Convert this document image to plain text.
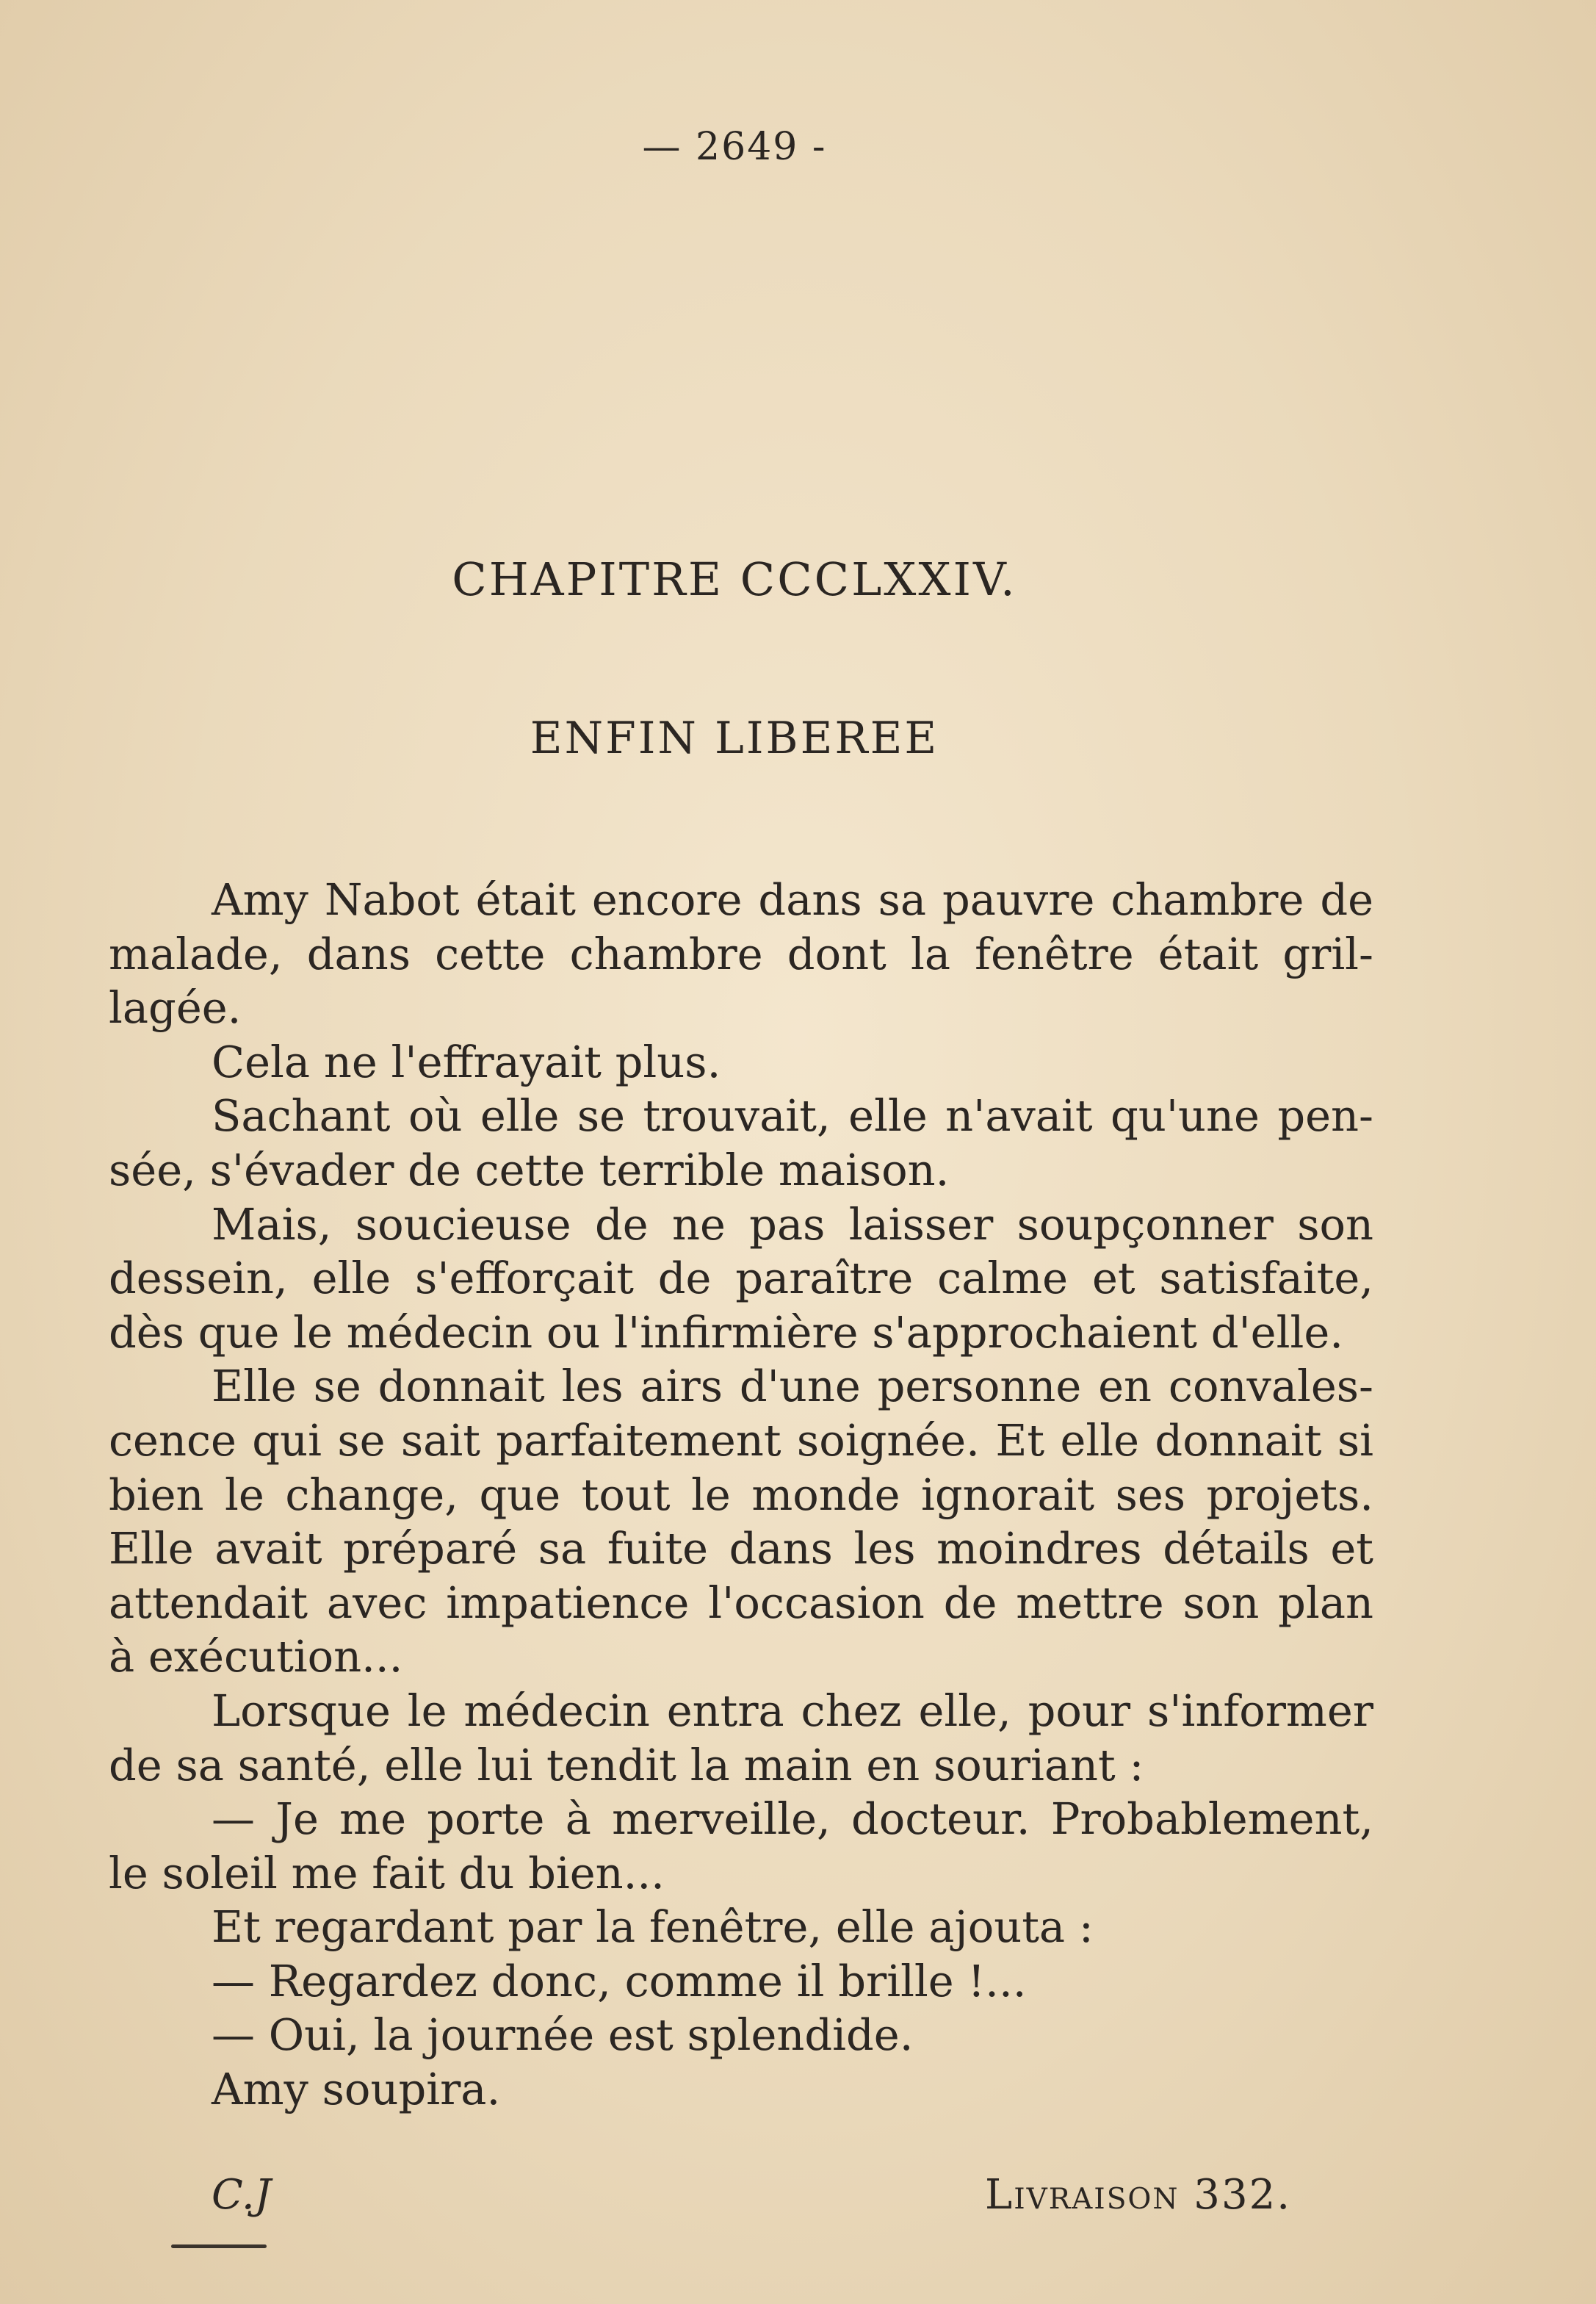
— 2649 -
CHAPITRE CCCLXXIV.
ENFIN LIBEREE

Amy Nabot était encore dans sa pauvre chambre de malade, dans cette chambre dont la fenêtre était gril-lagée.

Cela ne l'effrayait plus.

Sachant où elle se trouvait, elle n'avait qu'une pen-sée, s'évader de cette terrible maison.

Mais, soucieuse de ne pas laisser soupçonner son dessein, elle s'efforçait de paraître calme et satisfaite, dès que le médecin ou l'infirmière s'approchaient d'elle.

Elle se donnait les airs d'une personne en convales-cence qui se sait parfaitement soignée. Et elle donnait si bien le change, que tout le monde ignorait ses projets. Elle avait préparé sa fuite dans les moindres détails et attendait avec impatience l'occasion de mettre son plan à exécution...

Lorsque le médecin entra chez elle, pour s'informer de sa santé, elle lui tendit la main en souriant :

— Je me porte à merveille, docteur. Probablement, le soleil me fait du bien...

Et regardant par la fenêtre, elle ajouta :

— Regardez donc, comme il brille !...

— Oui, la journée est splendide.

Amy soupira.

C.J	Livraison 332.
